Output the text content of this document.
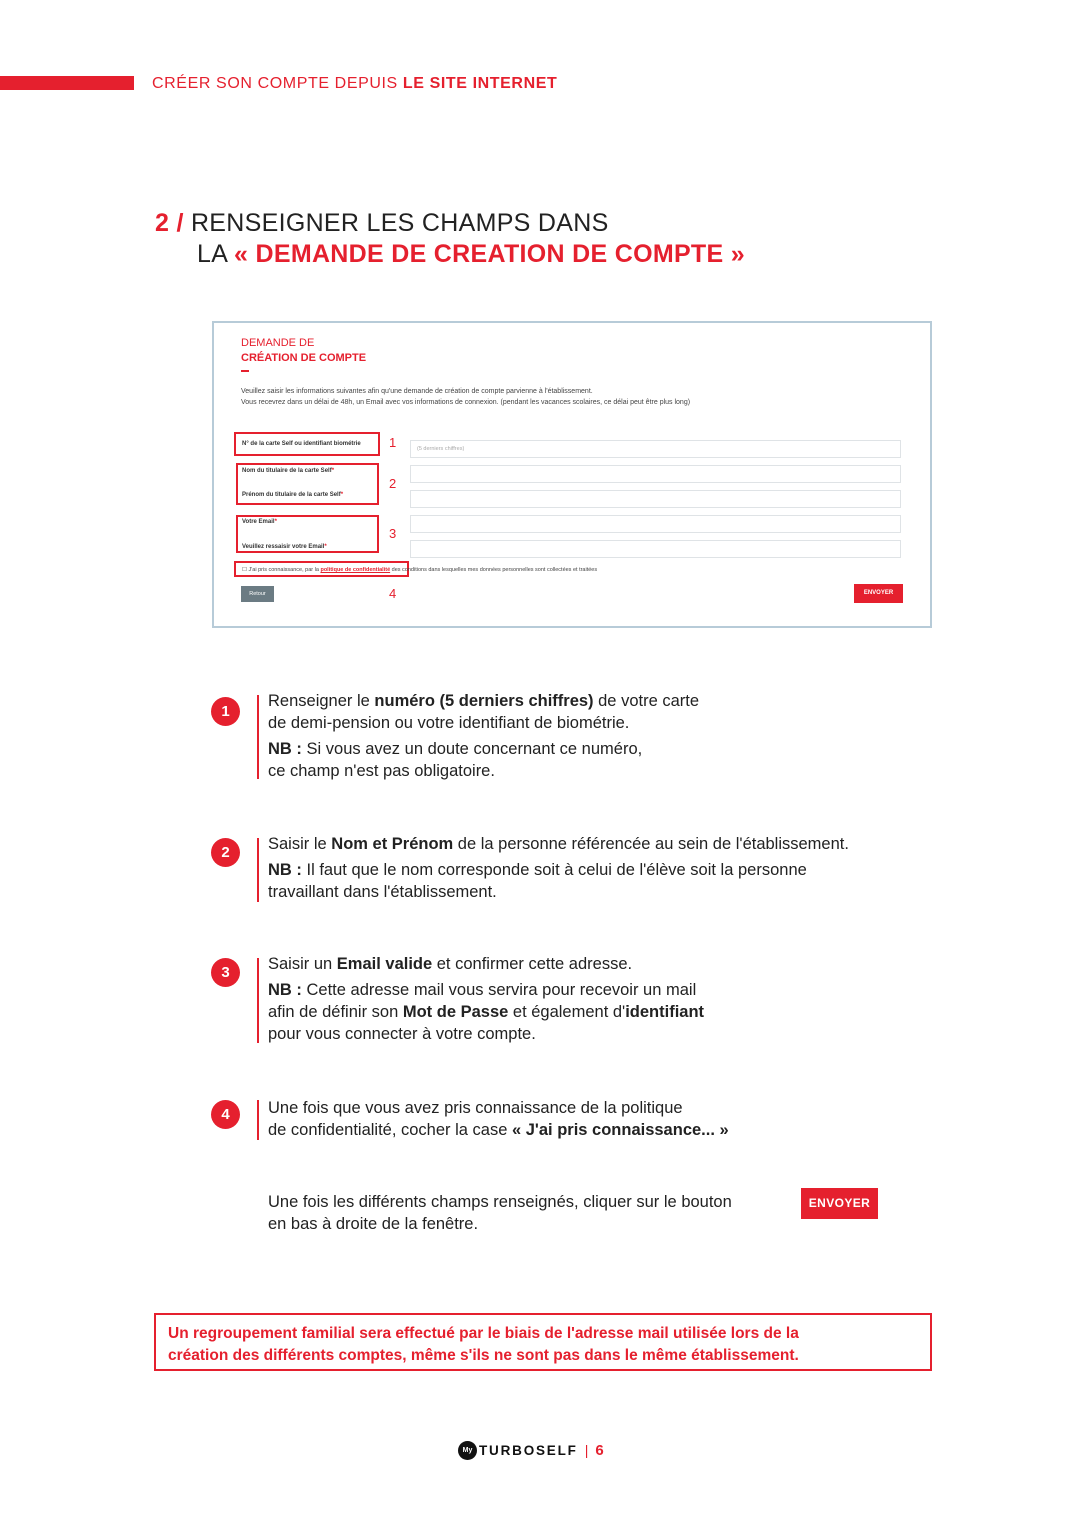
CRÉER SON COMPTE DEPUIS LE SITE INTERNET
2 / RENSEIGNER LES CHAMPS DANS
LA « DEMANDE DE CREATION DE COMPTE »
DEMANDE DE
CRÉATION DE COMPTE
Veuillez saisir les informations suivantes afin qu'une demande de création de compte parvienne à l'établissement.
Vous recevrez dans un délai de 48h, un Email avec vos informations de connexion. (pendant les vacances scolaires, ce délai peut être plus long)
N° de la carte Self ou identifiant biométrie
(5 derniers chiffres)
Nom du titulaire de la carte Self*
Prénom du titulaire de la carte Self*
Votre Email*
Veuillez ressaisir votre Email*
1
2
3
4
☐ J'ai pris connaissance, par la politique de confidentialité des conditions dans lesquelles mes données personnelles sont collectées et traitées
Retour	ENVOYER
1

Renseigner le numéro (5 derniers chiffres) de votre carte
de demi-pension ou votre identifiant de biométrie.

NB : Si vous avez un doute concernant ce numéro,
ce champ n'est pas obligatoire.

2	Saisir le Nom et Prénom de la personne référencée au sein de l'établissement.

NB : Il faut que le nom corresponde soit à celui de l'élève soit la personne
travaillant dans l'établissement.

3	Saisir un Email valide et confirmer cette adresse.

NB : Cette adresse mail vous servira pour recevoir un mail
afin de définir son Mot de Passe et également d'identifiant
pour vous connecter à votre compte.

4	Une fois que vous avez pris connaissance de la politique
de confidentialité, cocher la case « J'ai pris connaissance... »

Une fois les différents champs renseignés, cliquer sur le bouton
en bas à droite de la fenêtre.
ENVOYER
Un regroupement familial sera effectué par le biais de l'adresse mail utilisée lors de la
création des différents comptes, même s'ils ne sont pas dans le même établissement.
My TURBOSELF | 6
